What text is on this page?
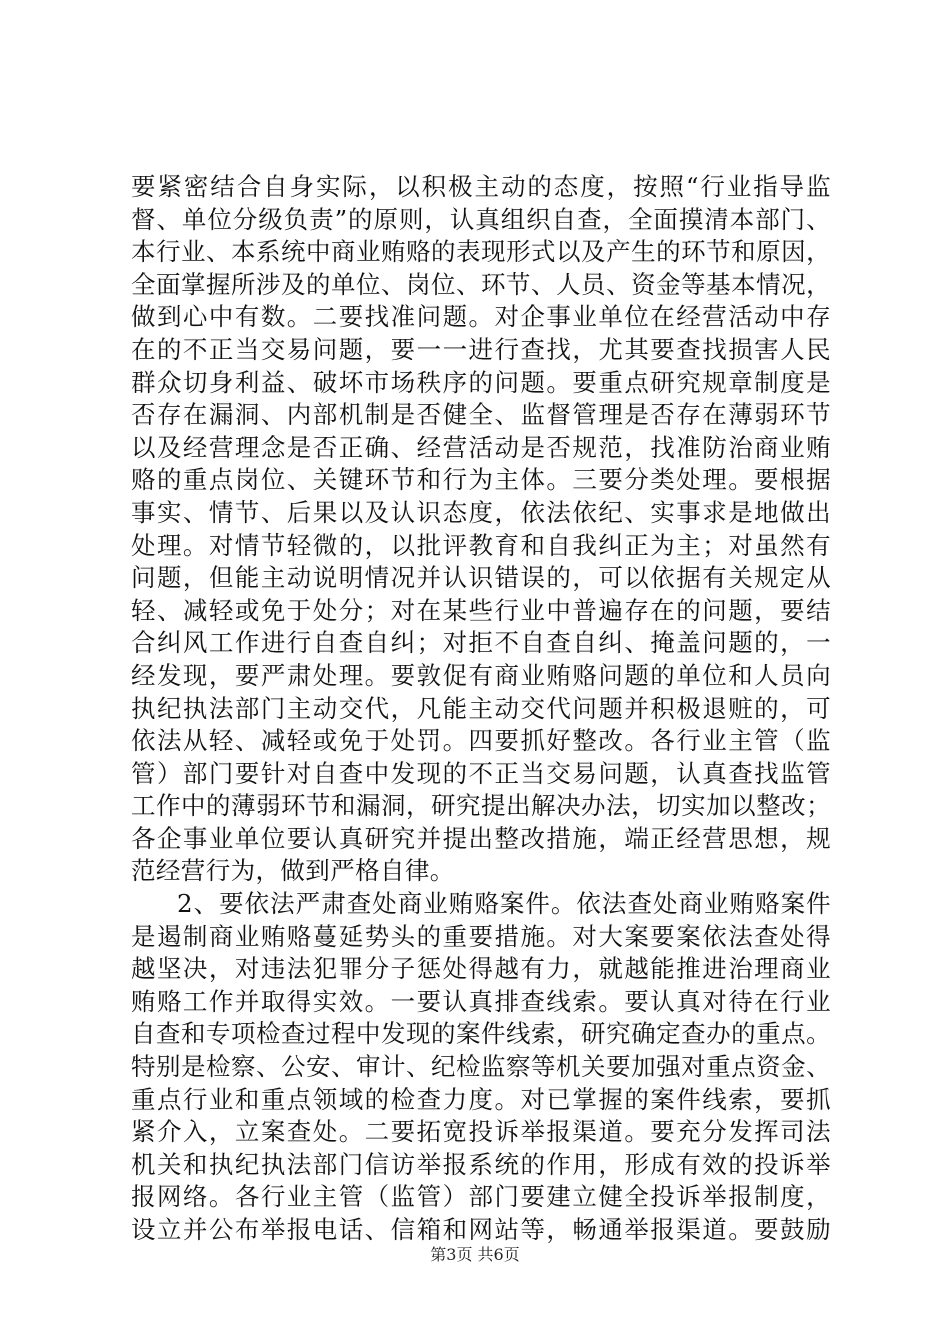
要紧密结合自身实际，以积极主动的态度，按照“行业指导监
督、单位分级负责”的原则，认真组织自查，全面摸清本部门、
本行业、本系统中商业贿赂的表现形式以及产生的环节和原因，
全面掌握所涉及的单位、岗位、环节、人员、资金等基本情况，
做到心中有数。二要找准问题。对企事业单位在经营活动中存
在的不正当交易问题，要一一进行查找，尤其要查找损害人民
群众切身利益、破坏市场秩序的问题。要重点研究规章制度是
否存在漏洞、内部机制是否健全、监督管理是否存在薄弱环节
以及经营理念是否正确、经营活动是否规范，找准防治商业贿
赂的重点岗位、关键环节和行为主体。三要分类处理。要根据
事实、情节、后果以及认识态度，依法依纪、实事求是地做出
处理。对情节轻微的，以批评教育和自我纠正为主；对虽然有
问题，但能主动说明情况并认识错误的，可以依据有关规定从
轻、减轻或免于处分；对在某些行业中普遍存在的问题，要结
合纠风工作进行自查自纠；对拒不自查自纠、掩盖问题的，一
经发现，要严肃处理。要敦促有商业贿赂问题的单位和人员向
执纪执法部门主动交代，凡能主动交代问题并积极退赃的，可
依法从轻、减轻或免于处罚。四要抓好整改。各行业主管（监
管）部门要针对自查中发现的不正当交易问题，认真查找监管
工作中的薄弱环节和漏洞，研究提出解决办法，切实加以整改；
各企事业单位要认真研究并提出整改措施，端正经营思想，规
范经营行为，做到严格自律。
2、要依法严肃查处商业贿赂案件。依法查处商业贿赂案件
是遏制商业贿赂蔓延势头的重要措施。对大案要案依法查处得
越坚决，对违法犯罪分子惩处得越有力，就越能推进治理商业
贿赂工作并取得实效。一要认真排查线索。要认真对待在行业
自查和专项检查过程中发现的案件线索，研究确定查办的重点。
特别是检察、公安、审计、纪检监察等机关要加强对重点资金、
重点行业和重点领域的检查力度。对已掌握的案件线索，要抓
紧介入，立案查处。二要拓宽投诉举报渠道。要充分发挥司法
机关和执纪执法部门信访举报系统的作用，形成有效的投诉举
报网络。各行业主管（监管）部门要建立健全投诉举报制度，
设立并公布举报电话、信箱和网站等，畅通举报渠道。要鼓励
第3页 共6页
